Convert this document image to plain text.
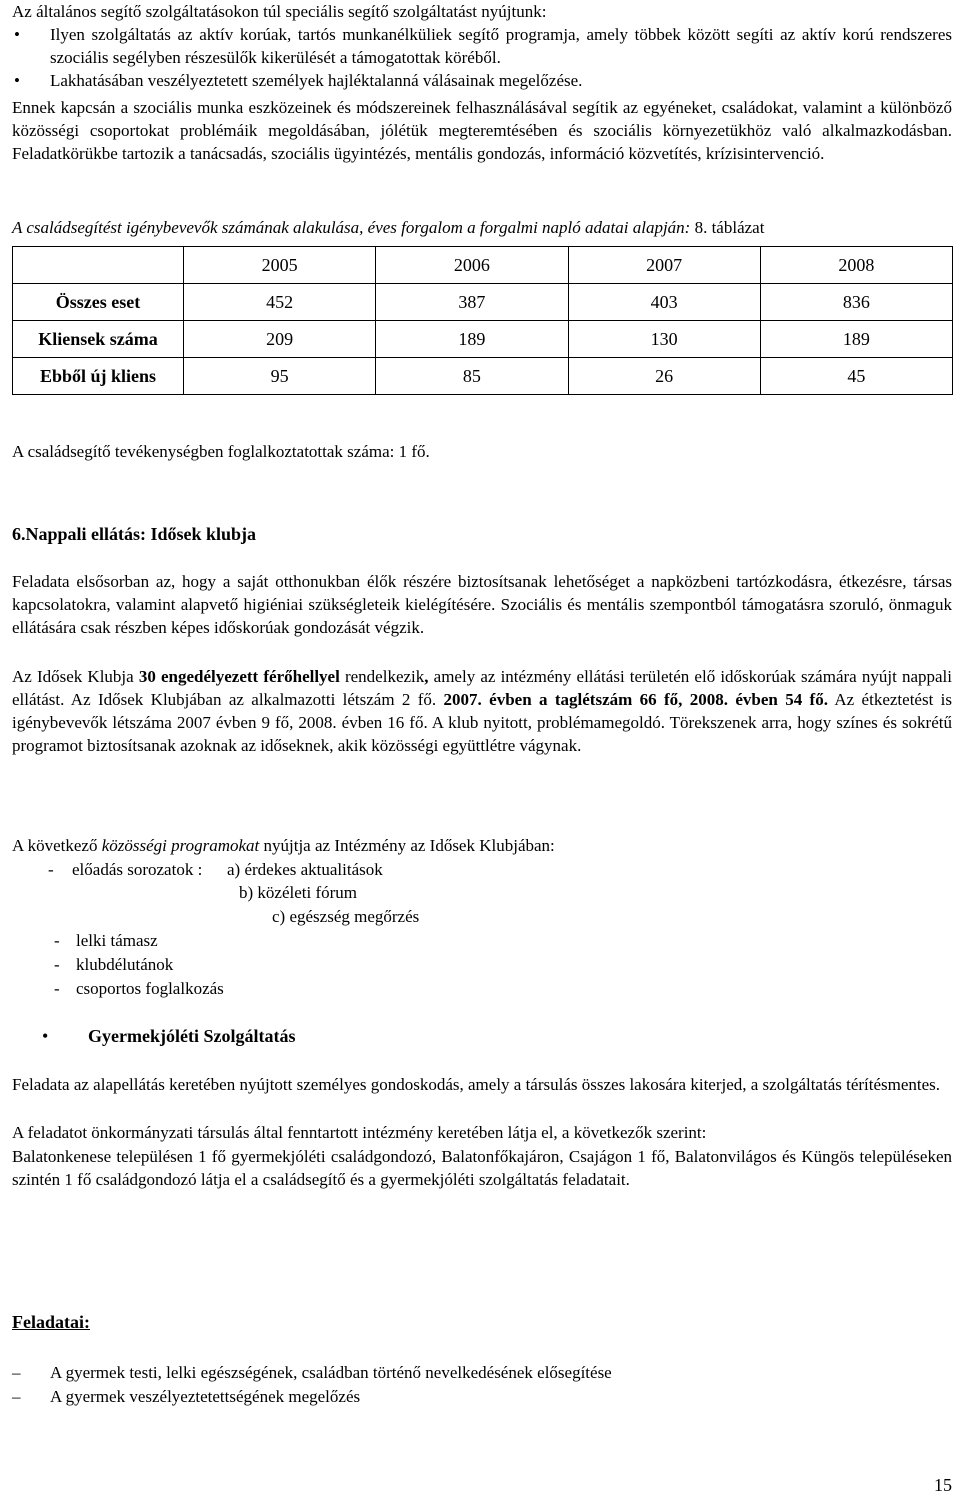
Az általános segítő szolgáltatásokon túl speciális segítő szolgáltatást nyújtunk:

• Ilyen szolgáltatás az aktív korúak, tartós munkanélküliek segítő programja, amely többek között segíti az aktív korú rendszeres szociális segélyben részesülők kikerülését a támogatottak köréből.

• Lakhatásában veszélyeztetett személyek hajléktalanná válásainak megelőzése.

Ennek kapcsán a szociális munka eszközeinek és módszereinek felhasználásával segítik az egyéneket, családokat, valamint a különböző közösségi csoportokat problémáik megoldásában, jólétük megteremtésében és szociális környezetükhöz való alkalmazkodásban. Feladatkörükbe tartozik a tanácsadás, szociális ügyintézés, mentális gondozás, információ közvetítés, krízisintervenció.

A családsegítést igénybevevők számának alakulása, éves forgalom a forgalmi napló adatai alapján: 8. táblázat

	2005	2006	2007	2008
Összes eset	452	387	403	836
Kliensek száma	209	189	130	189
Ebből új kliens	95	85	26	45

A családsegítő tevékenységben foglalkoztatottak száma: 1 fő.

6.Nappali ellátás: Idősek klubja

Feladata elsősorban az, hogy a saját otthonukban élők részére biztosítsanak lehetőséget a napközbeni tartózkodásra, étkezésre, társas kapcsolatokra, valamint alapvető higiéniai szükségleteik kielégítésére. Szociális és mentális szempontból támogatásra szoruló, önmaguk ellátására csak részben képes időskorúak gondozását végzik.

Az Idősek Klubja 30 engedélyezett férőhellyel rendelkezik, amely az intézmény ellátási területén elő időskorúak számára nyújt nappali ellátást. Az Idősek Klubjában az alkalmazotti létszám 2 fő. 2007. évben a taglétszám 66 fő, 2008. évben 54 fő. Az étkeztetést is igénybevevők létszáma 2007 évben 9 fő, 2008. évben 16 fő. A klub nyitott, problémamegoldó. Törekszenek arra, hogy színes és sokrétű programot biztosítsanak azoknak az időseknek, akik közösségi együttlétre vágynak.

A következő közösségi programokat nyújtja az Intézmény az Idősek Klubjában:

- előadás sorozatok : a) érdekes aktualitások
b) közéleti fórum
c) egészség megőrzés
- lelki támasz
- klubdélutánok
- csoportos foglalkozás
• Gyermekjóléti Szolgáltatás

Feladata az alapellátás keretében nyújtott személyes gondoskodás, amely a társulás összes lakosára kiterjed, a szolgáltatás térítésmentes.

A feladatot önkormányzati társulás által fenntartott intézmény keretében látja el, a következők szerint:

Balatonkenese településen 1 fő gyermekjóléti családgondozó, Balatonfőkajáron, Csajágon 1 fő, Balatonvilágos és Küngös településeken szintén 1 fő családgondozó látja el a családsegítő és a gyermekjóléti szolgáltatás feladatait.

Feladatai:
– A gyermek testi, lelki egészségének, családban történő nevelkedésének elősegítése
– A gyermek veszélyeztetettségének megelőzés
15
